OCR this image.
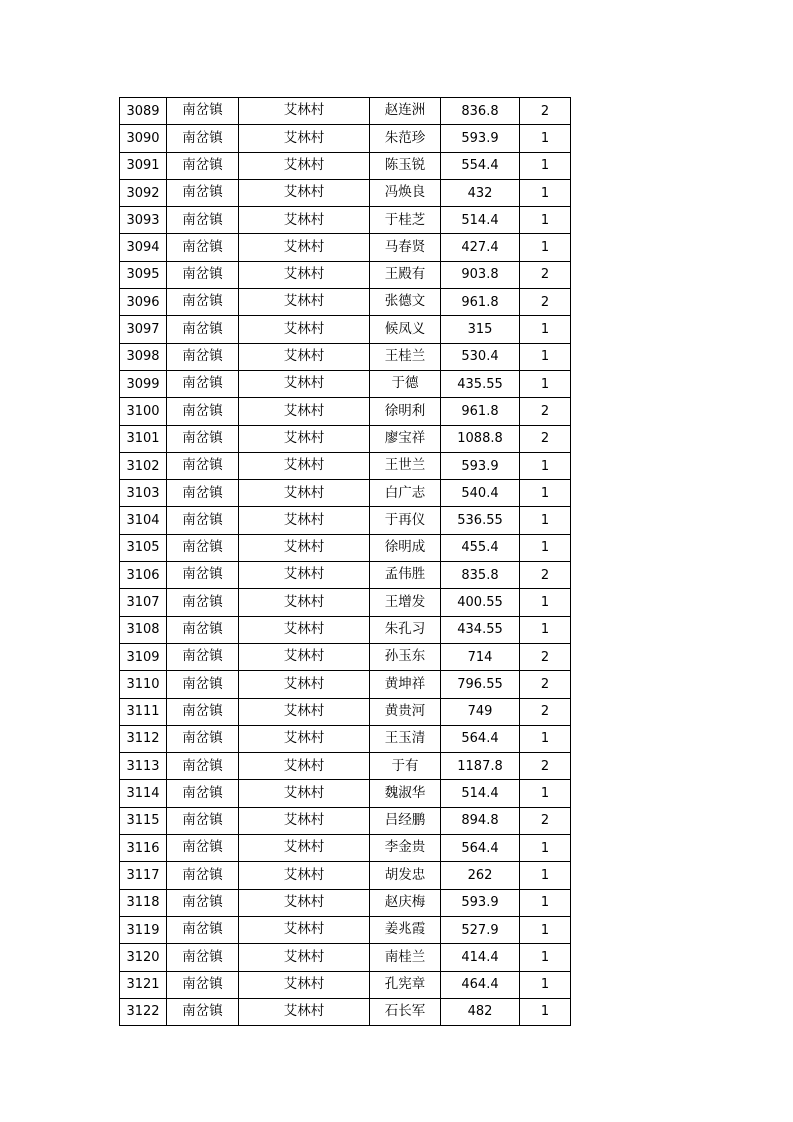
3089	南岔镇	艾林村	赵连洲	836.8	2
3090	南岔镇	艾林村	朱范珍	593.9	1
3091	南岔镇	艾林村	陈玉锐	554.4	1
3092	南岔镇	艾林村	冯焕良	432	1
3093	南岔镇	艾林村	于桂芝	514.4	1
3094	南岔镇	艾林村	马春贤	427.4	1
3095	南岔镇	艾林村	王殿有	903.8	2
3096	南岔镇	艾林村	张德文	961.8	2
3097	南岔镇	艾林村	候凤义	315	1
3098	南岔镇	艾林村	王桂兰	530.4	1
3099	南岔镇	艾林村	于德	435.55	1
3100	南岔镇	艾林村	徐明利	961.8	2
3101	南岔镇	艾林村	廖宝祥	1088.8	2
3102	南岔镇	艾林村	王世兰	593.9	1
3103	南岔镇	艾林村	白广志	540.4	1
3104	南岔镇	艾林村	于再仪	536.55	1
3105	南岔镇	艾林村	徐明成	455.4	1
3106	南岔镇	艾林村	孟伟胜	835.8	2
3107	南岔镇	艾林村	王增发	400.55	1
3108	南岔镇	艾林村	朱孔习	434.55	1
3109	南岔镇	艾林村	孙玉东	714	2
3110	南岔镇	艾林村	黄坤祥	796.55	2
3111	南岔镇	艾林村	黄贵河	749	2
3112	南岔镇	艾林村	王玉清	564.4	1
3113	南岔镇	艾林村	于有	1187.8	2
3114	南岔镇	艾林村	魏淑华	514.4	1
3115	南岔镇	艾林村	吕经鹏	894.8	2
3116	南岔镇	艾林村	李金贵	564.4	1
3117	南岔镇	艾林村	胡发忠	262	1
3118	南岔镇	艾林村	赵庆梅	593.9	1
3119	南岔镇	艾林村	姜兆霞	527.9	1
3120	南岔镇	艾林村	南桂兰	414.4	1
3121	南岔镇	艾林村	孔宪章	464.4	1
3122	南岔镇	艾林村	石长军	482	1
